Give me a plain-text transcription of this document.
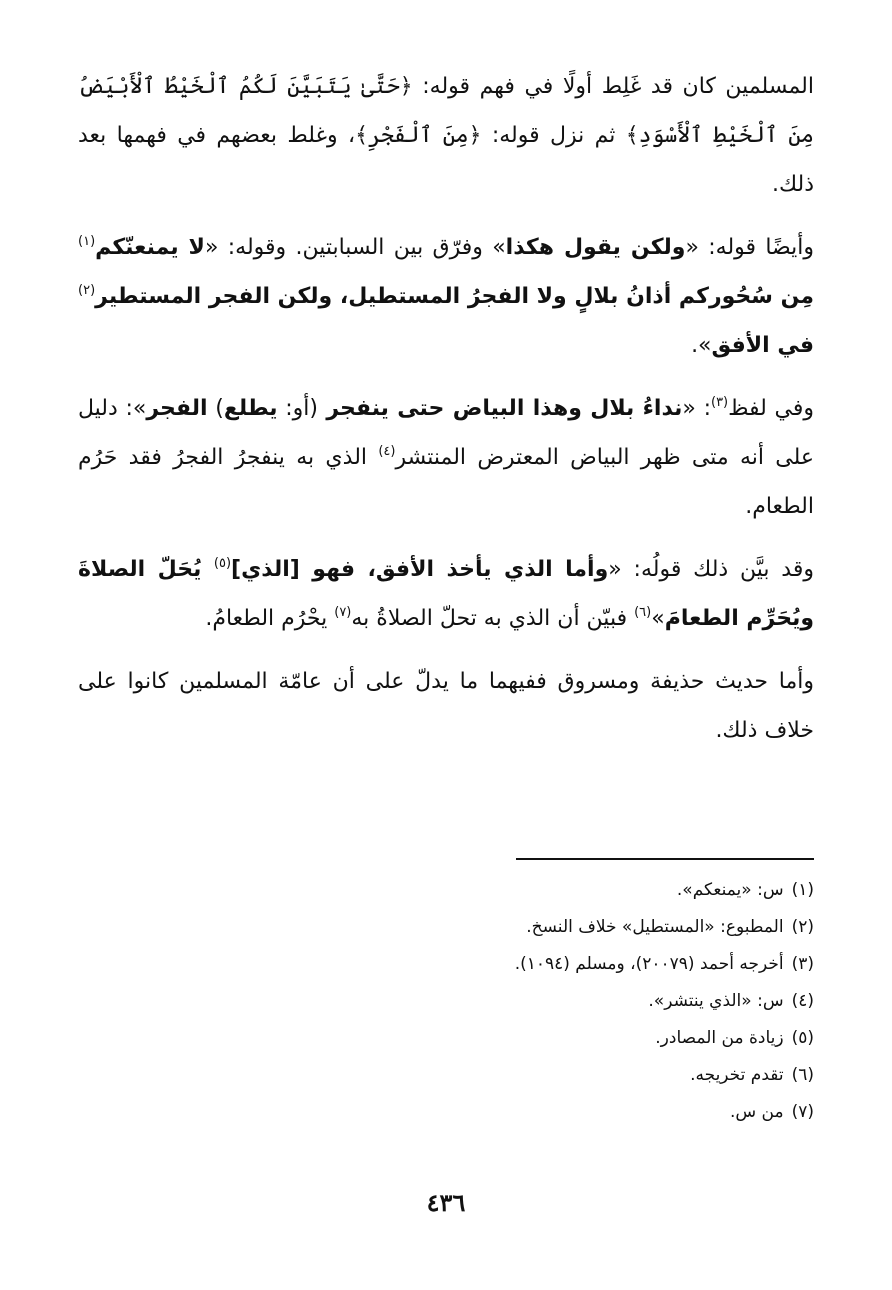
المسلمين كان قد غَلِط أولًا في فهم قوله: ﴿حَتَّىٰ يَتَبَيَّنَ لَكُمُ ٱلْخَيْطُ ٱلْأَبْيَضُ مِنَ ٱلْخَيْطِ ٱلْأَسْوَدِ﴾ ثم نزل قوله: ﴿مِنَ ٱلْفَجْرِ﴾، وغلط بعضهم في فهمها بعد ذلك.

وأيضًا قوله: «ولكن يقول هكذا» وفرّق بين السبابتين. وقوله: «لا يمنعنّكم$^{(١)}$ مِن سُحُوركم أذانُ بلالٍ ولا الفجرُ المستطيل، ولكن الفجر المستطير$^{(٢)}$ في الأفق».

وفي لفظ$^{(٣)}$: «نداءُ بلال وهذا البياض حتى ينفجر (أو: يطلع) الفجر»: دليل على أنه متى ظهر البياض المعترض المنتشر$^{(٤)}$ الذي به ينفجرُ الفجرُ فقد حَرُم الطعام.

وقد بيَّن ذلك قولُه: «وأما الذي يأخذ الأفق، فهو [الذي]$^{(٥)}$ يُحَلّ الصلاةَ ويُحَرِّم الطعامَ»$^{(٦)}$ فبيّن أن الذي به تحلّ الصلاةُ به$^{(٧)}$ يحْرُم الطعامُ.

وأما حديث حذيفة ومسروق ففيهما ما يدلّ على أن عامّة المسلمين كانوا على خلاف ذلك.

(١)س: «يمنعكم».
(٢)المطبوع: «المستطيل» خلاف النسخ.
(٣)أخرجه أحمد (٢٠٠٧٩)، ومسلم (١٠٩٤).
(٤)س: «الذي ينتشر».
(٥)زيادة من المصادر.
(٦)تقدم تخريجه.
(٧)من س.
٤٣٦
